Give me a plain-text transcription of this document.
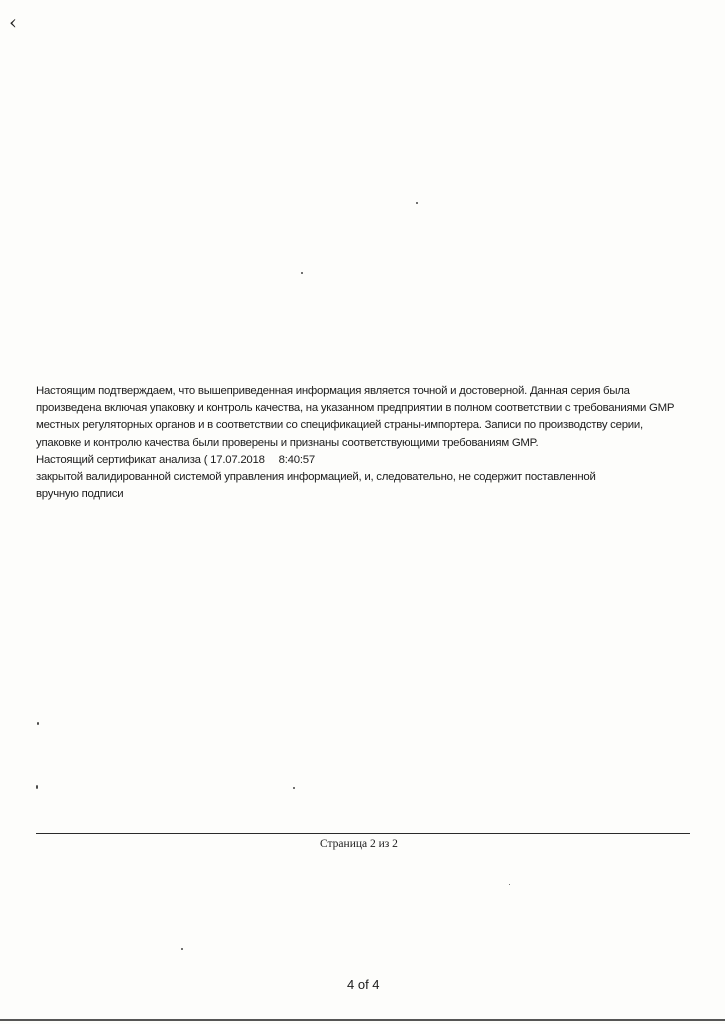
‹
Настоящим подтверждаем, что вышеприведенная информация является точной и достоверной. Данная серия была
произведена включая упаковку и контроль качества, на указанном предприятии в полном соответствии с требованиями GMP
местных регуляторных органов и в соответствии со спецификацией страны-импортера. Записи по производству серии,
упаковке и контролю качества были проверены и признаны соответствующими требованиям GMP.
Настоящий сертификат анализа ( 17.07.2018 8:40:57
закрытой валидированной системой управления информацией, и, следовательно, не содержит поставленной
вручную подписи
Страница 2 из 2
4 of 4
